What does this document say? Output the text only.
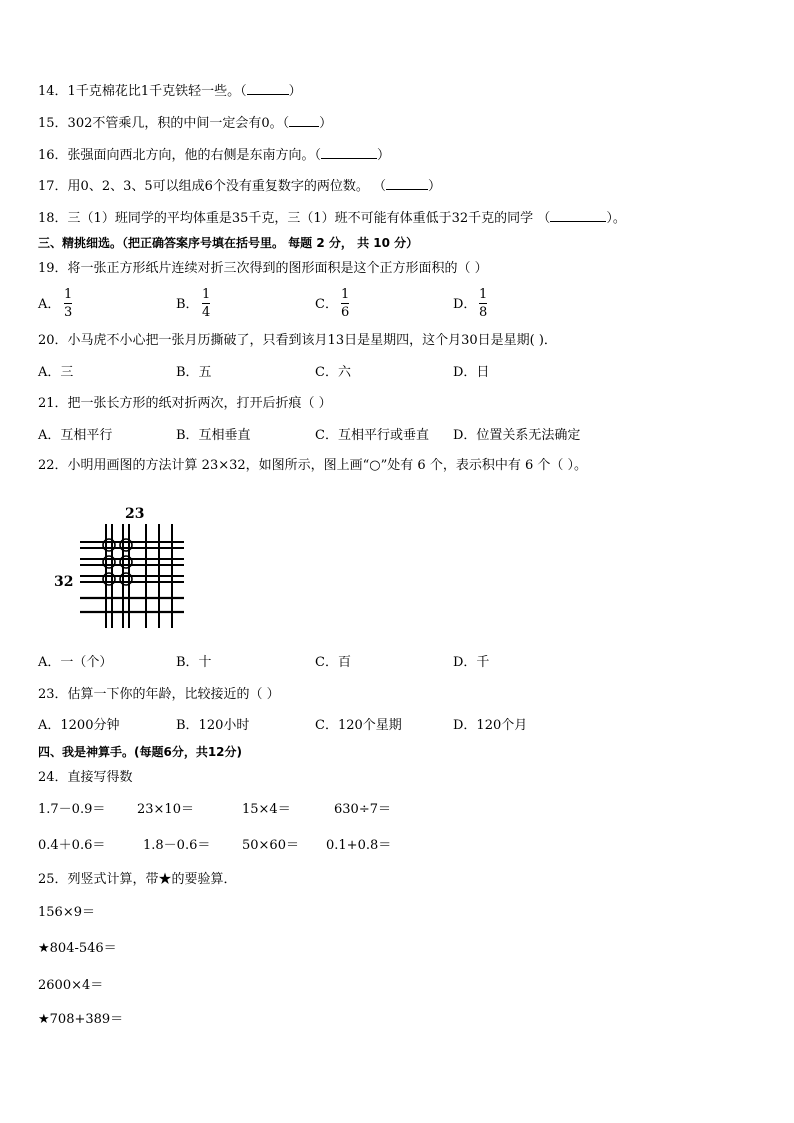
14．1千克棉花比1千克铁轻一些。（	）
15．302不管乘几，积的中间一定会有0。（ ）
16．张强面向西北方向，他的右侧是东南方向。（	）
17．用0、2、3、5可以组成6个没有重复数字的两位数。 （	）
18．三（1）班同学的平均体重是35千克，三（1）班不可能有体重低于32千克的同学 （	）。
三、精挑细选。（把正确答案序号填在括号里。 每题 2 分， 共 10 分）
19．将一张正方形纸片连续对折三次得到的图形面积是这个正方形面积的（ ）
A．
1
3
B．
1
4
C．
1
6
D．
1
8
20．小马虎不小心把一张月历撕破了，只看到该月13日是星期四，这个月30日是星期( )．
A．三	B．五	C．六	D．日
21．把一张长方形的纸对折两次，打开后折痕（ ）
A．互相平行	B．互相垂直	C．互相平行或垂直 D．位置关系无法确定
22．小明用画图的方法计算 23×32，如图所示，图上画“○”处有 6 个，表示积中有 6 个（ ）。
23
32
A．一（个）	B．十	C．百	D．千
23．估算一下你的年龄，比较接近的（ ）
A．1200分钟	B．120小时	C．120个星期	D．120个月
四、我是神算手。(每题6分，共12分)
24．直接写得数
1.7－0.9＝ 23×10＝	15×4＝	630÷7＝
0.4＋0.6＝	1.8－0.6＝ 50×60＝ 0.1+0.8＝
25．列竖式计算，带★的要验算．
156×9＝
★804-546＝
2600×4＝
★708+389＝
